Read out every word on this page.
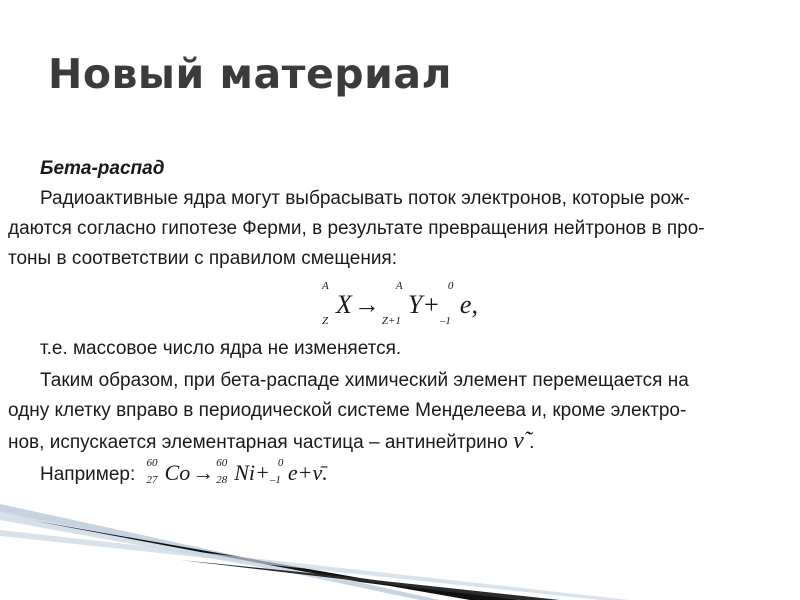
Новый материал
Бета-распад
Радиоактивные ядра могут выбрасывать поток электронов, которые рож-
даются согласно гипотезе Ферми, в результате превращения нейтронов в про-
тоны в соответствии с правилом смещения:
A
Z
X→
A
Z+1
Y+
0
–1
e,
т.е. массовое число ядра не изменяется.
Таким образом, при бета-распаде химический элемент перемещается на
одну клетку вправо в периодической системе Менделеева и, кроме электро-
нов, испускается элементарная частица – антинейтрино ν̃ .
Например:
60
27 Co→ 60
28 Ni+ 0
–1 e+ν̄.
